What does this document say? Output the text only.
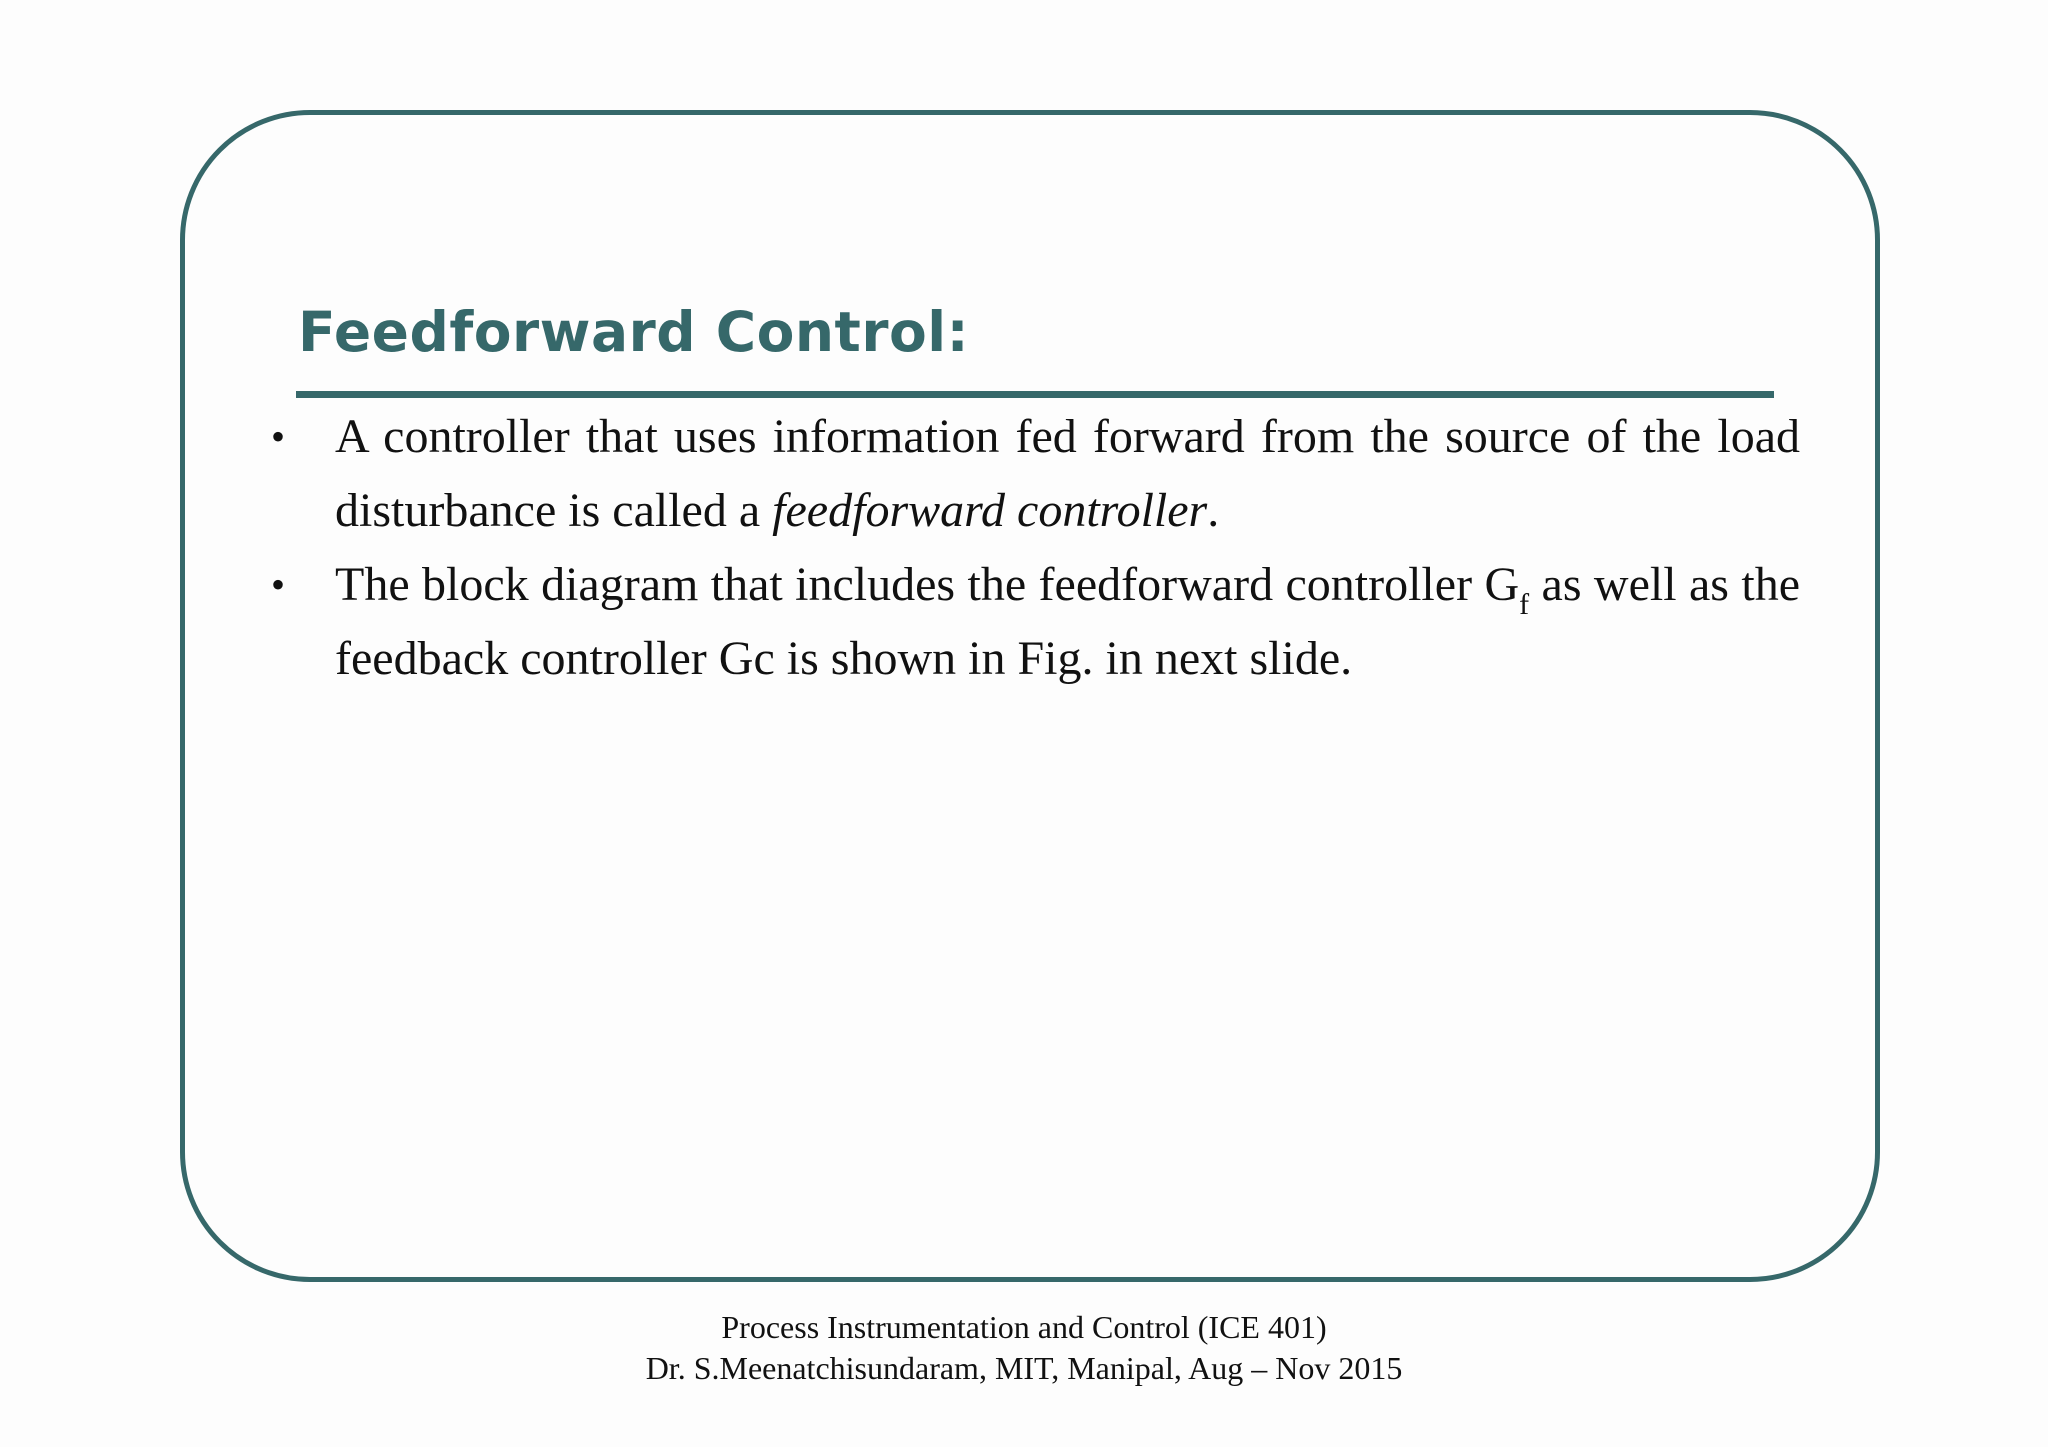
Feedforward Control:
• A controller that uses information fed forward from the source of the load disturbance is called a feedforward controller.
• The block diagram that includes the feedforward controller $G_f$ as well as the feedback controller Gc is shown in Fig. in next slide.
Process Instrumentation and Control (ICE 401)
Dr. S.Meenatchisundaram, MIT, Manipal, Aug – Nov 2015
